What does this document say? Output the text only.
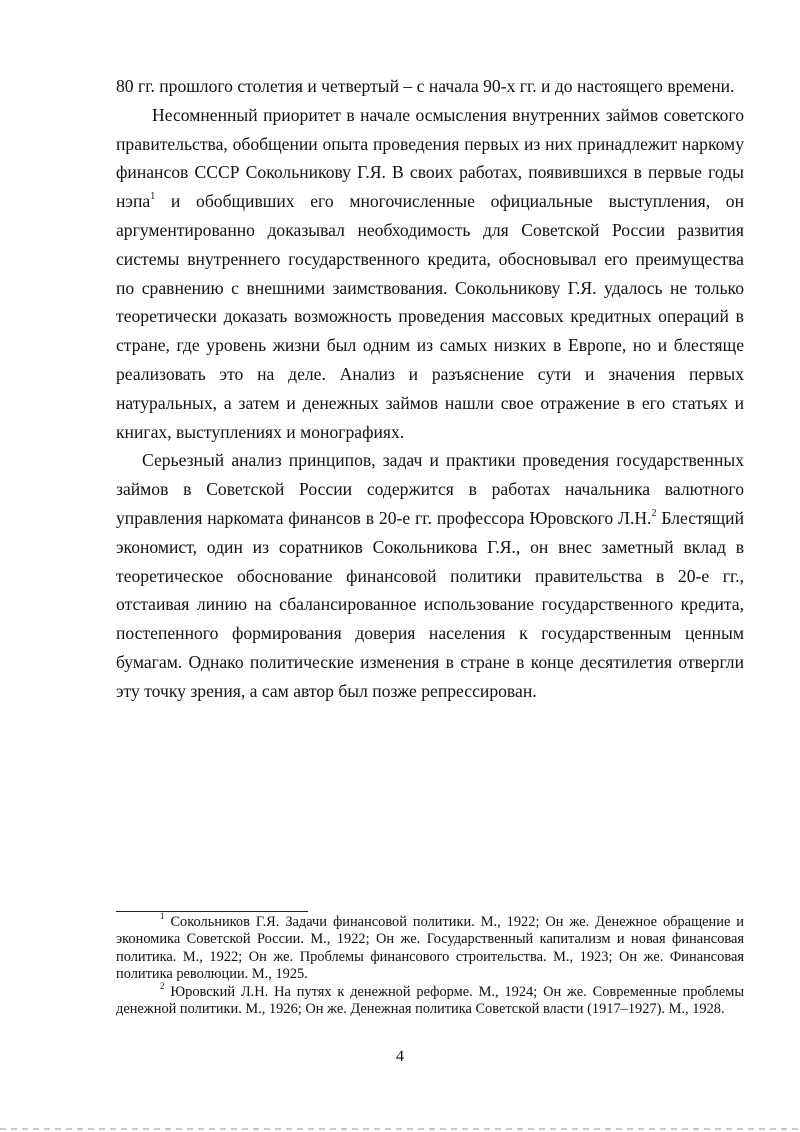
80 гг. прошлого столетия и четвертый – с начала 90-х гг. и до настоящего времени.

Несомненный приоритет в начале осмысления внутренних займов советского правительства, обобщении опыта проведения первых из них принадлежит наркому финансов СССР Сокольникову Г.Я. В своих работах, появившихся в первые годы нэпа$^1$ и обобщивших его многочисленные официальные выступления, он аргументированно доказывал необходимость для Советской России развития системы внутреннего государственного кредита, обосновывал его преимущества по сравнению с внешними заимствования. Сокольникову Г.Я. удалось не только теоретически доказать возможность проведения массовых кредитных операций в стране, где уровень жизни был одним из самых низких в Европе, но и блестяще реализовать это на деле. Анализ и разъяснение сути и значения первых натуральных, а затем и денежных займов нашли свое отражение в его статьях и книгах, выступлениях и монографиях.

Серьезный анализ принципов, задач и практики проведения государственных займов в Советской России содержится в работах начальника валютного управления наркомата финансов в 20-е гг. профессора Юровского Л.Н.$^2$ Блестящий экономист, один из соратников Сокольникова Г.Я., он внес заметный вклад в теоретическое обоснование финансовой политики правительства в 20-е гг., отстаивая линию на сбалансированное использование государственного кредита, постепенного формирования доверия населения к государственным ценным бумагам. Однако политические изменения в стране в конце десятилетия отвергли эту точку зрения, а сам автор был позже репрессирован.

$^1$ Сокольников Г.Я. Задачи финансовой политики. М., 1922; Он же. Денежное обращение и экономика Советской России. М., 1922; Он же. Государственный капитализм и новая финансовая политика. М., 1922; Он же. Проблемы финансового строительства. М., 1923; Он же. Финансовая политика революции. М., 1925.

$^2$ Юровский Л.Н. На путях к денежной реформе. М., 1924; Он же. Современные проблемы денежной политики. М., 1926; Он же. Денежная политика Советской власти (1917–1927). М., 1928.

4
